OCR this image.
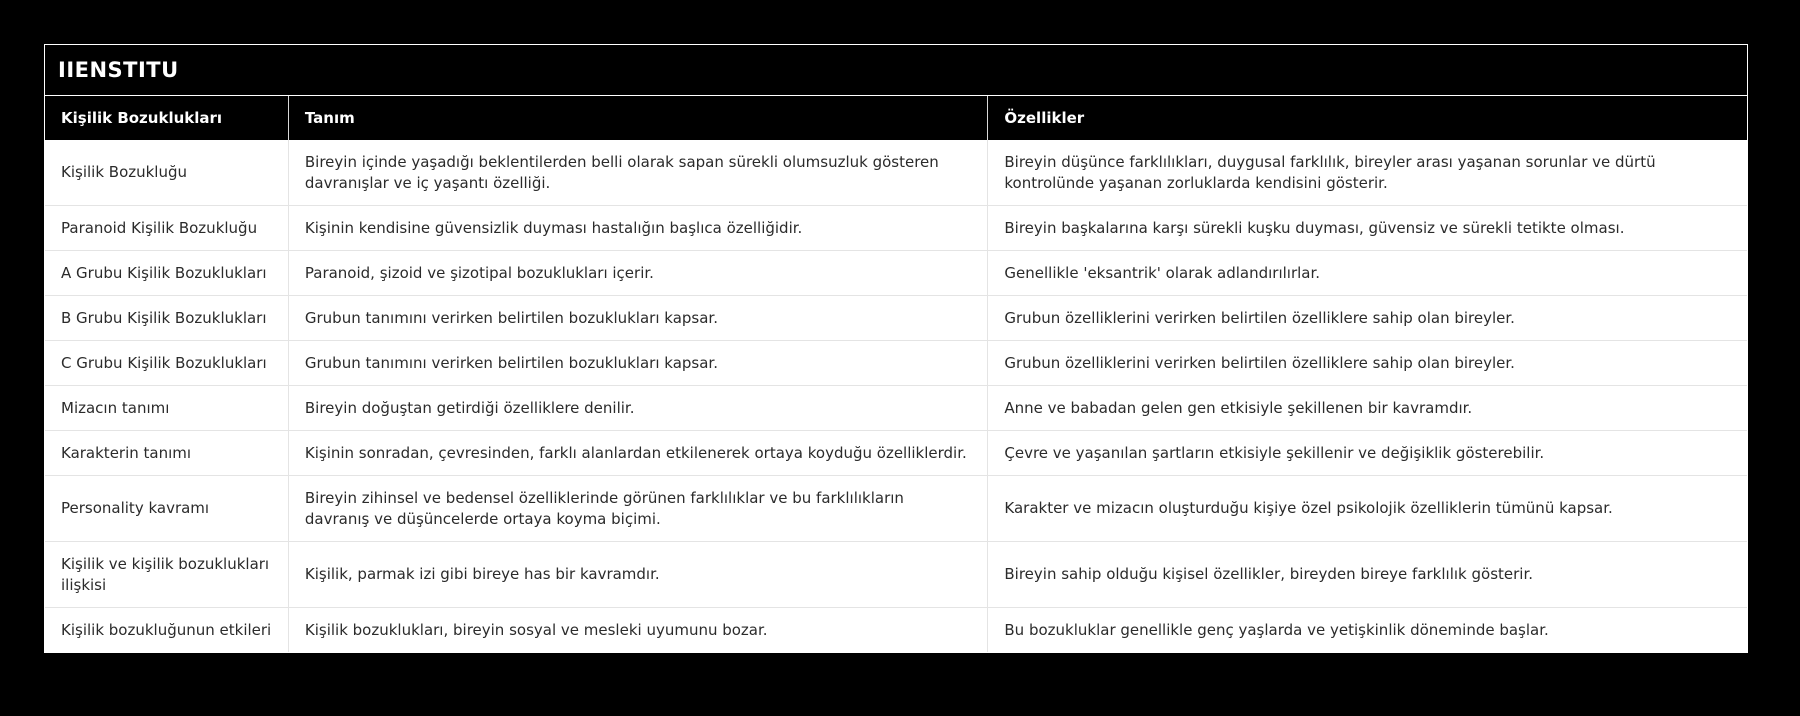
IIENSTITU
Kişilik Bozuklukları	Tanım	Özellikler
Kişilik Bozukluğu	Bireyin içinde yaşadığı beklentilerden belli olarak sapan sürekli olumsuzluk gösteren davranışlar ve iç yaşantı özelliği.	Bireyin düşünce farklılıkları, duygusal farklılık, bireyler arası yaşanan sorunlar ve dürtü kontrolünde yaşanan zorluklarda kendisini gösterir.
Paranoid Kişilik Bozukluğu	Kişinin kendisine güvensizlik duyması hastalığın başlıca özelliğidir.	Bireyin başkalarına karşı sürekli kuşku duyması, güvensiz ve sürekli tetikte olması.
A Grubu Kişilik Bozuklukları	Paranoid, şizoid ve şizotipal bozuklukları içerir.	Genellikle 'eksantrik' olarak adlandırılırlar.
B Grubu Kişilik Bozuklukları	Grubun tanımını verirken belirtilen bozuklukları kapsar.	Grubun özelliklerini verirken belirtilen özelliklere sahip olan bireyler.
C Grubu Kişilik Bozuklukları	Grubun tanımını verirken belirtilen bozuklukları kapsar.	Grubun özelliklerini verirken belirtilen özelliklere sahip olan bireyler.
Mizacın tanımı	Bireyin doğuştan getirdiği özelliklere denilir.	Anne ve babadan gelen gen etkisiyle şekillenen bir kavramdır.
Karakterin tanımı	Kişinin sonradan, çevresinden, farklı alanlardan etkilenerek ortaya koyduğu özelliklerdir.	Çevre ve yaşanılan şartların etkisiyle şekillenir ve değişiklik gösterebilir.
Personality kavramı	Bireyin zihinsel ve bedensel özelliklerinde görünen farklılıklar ve bu farklılıkların davranış ve düşüncelerde ortaya koyma biçimi.	Karakter ve mizacın oluşturduğu kişiye özel psikolojik özelliklerin tümünü kapsar.
Kişilik ve kişilik bozuklukları ilişkisi	Kişilik, parmak izi gibi bireye has bir kavramdır.	Bireyin sahip olduğu kişisel özellikler, bireyden bireye farklılık gösterir.
Kişilik bozukluğunun etkileri	Kişilik bozuklukları, bireyin sosyal ve mesleki uyumunu bozar.	Bu bozukluklar genellikle genç yaşlarda ve yetişkinlik döneminde başlar.
